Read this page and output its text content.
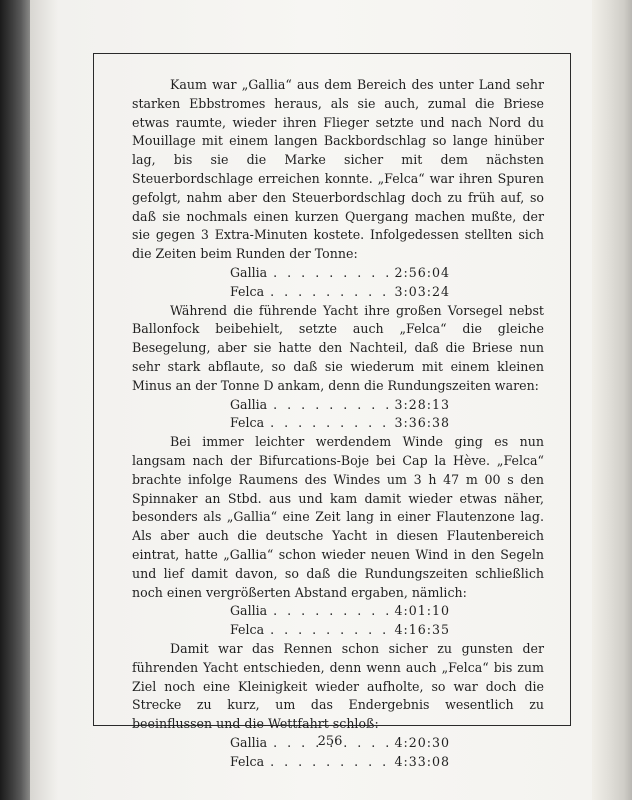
Kaum war „Gallia“ aus dem Bereich des unter Land sehr starken Ebbstromes heraus, als sie auch, zumal die Briese etwas raumte, wieder ihren Flieger setzte und nach Nord du Mouillage mit einem langen Backbordschlag so lange hinüber lag, bis sie die Marke sicher mit dem nächsten Steuerbordschlage erreichen konnte. „Felca“ war ihren Spuren gefolgt, nahm aber den Steuerbordschlag doch zu früh auf, so daß sie nochmals einen kurzen Quergang machen mußte, der sie gegen 3 Extra-Minuten kostete. Infolgedessen stellten sich die Zeiten beim Runden der Tonne:

Gallia . . .	2:56:04
Felca . . .	3:03:24

Während die führende Yacht ihre großen Vorsegel nebst Ballonfock beibehielt, setzte auch „Felca“ die gleiche Besegelung, aber sie hatte den Nachteil, daß die Briese nun sehr stark abflaute, so daß sie wiederum mit einem kleinen Minus an der Tonne D ankam, denn die Rundungszeiten waren:

Gallia . . .	3:28:13
Felca . . .	3:36:38

Bei immer leichter werdendem Winde ging es nun langsam nach der Bifurcations-Boje bei Cap la Hève. „Felca“ brachte infolge Raumens des Windes um 3 h 47 m 00 s den Spinnaker an Stbd. aus und kam damit wieder etwas näher, besonders als „Gallia“ eine Zeit lang in einer Flautenzone lag. Als aber auch die deutsche Yacht in diesen Flautenbereich eintrat, hatte „Gallia“ schon wieder neuen Wind in den Segeln und lief damit davon, so daß die Rundungszeiten schließlich noch einen vergrößerten Abstand ergaben, nämlich:

Gallia . . .	4:01:10
Felca . . .	4:16:35

Damit war das Rennen schon sicher zu gunsten der führenden Yacht entschieden, denn wenn auch „Felca“ bis zum Ziel noch eine Kleinigkeit wieder aufholte, so war doch die Strecke zu kurz, um das Endergebnis wesentlich zu beeinflussen und die Wettfahrt schloß:

Gallia . . .	4:20:30
Felca . . .	4:33:08
256
